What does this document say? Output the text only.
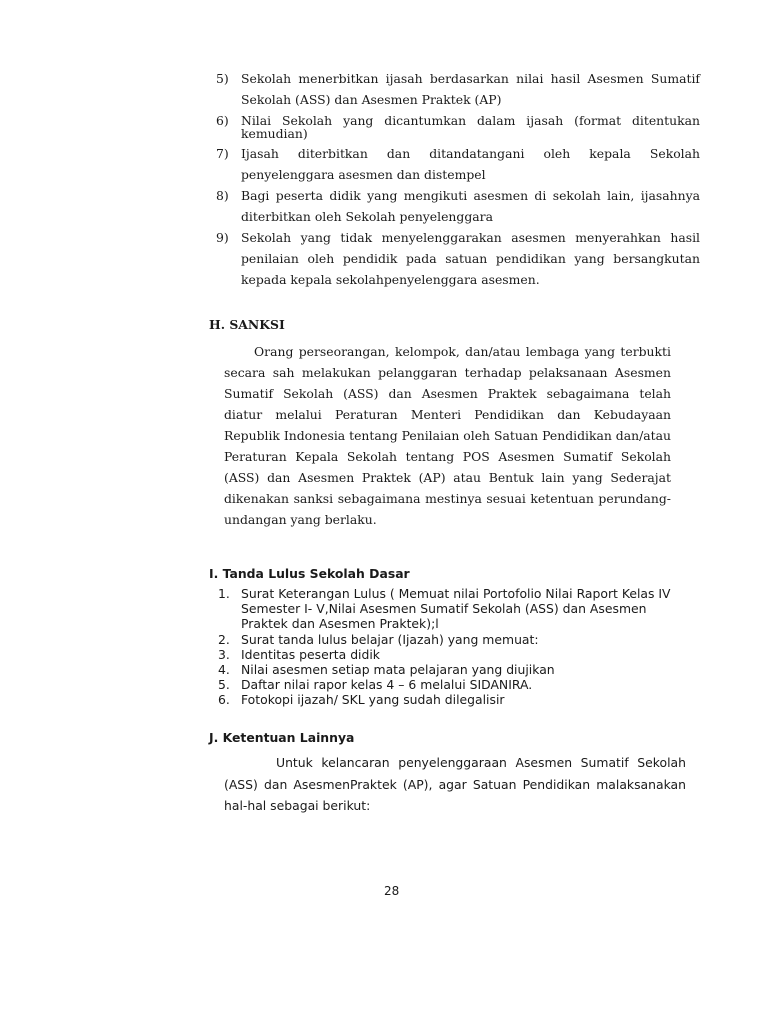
5) Sekolah menerbitkan ijasah berdasarkan nilai hasil Asesmen Sumatif Sekolah (ASS) dan Asesmen Praktek (AP)
6) Nilai Sekolah yang dicantumkan dalam ijasah (format ditentukan kemudian)
7) Ijasah diterbitkan dan ditandatangani oleh kepala Sekolah penyelenggara asesmen dan distempel
8) Bagi peserta didik yang mengikuti asesmen di sekolah lain, ijasahnya diterbitkan oleh Sekolah penyelenggara
9) Sekolah yang tidak menyelenggarakan asesmen menyerahkan hasil penilaian oleh pendidik pada satuan pendidikan yang bersangkutan kepada kepala sekolahpenyelenggara asesmen.
H. SANKSI
Orang perseorangan, kelompok, dan/atau lembaga yang terbukti secara sah melakukan pelanggaran terhadap pelaksanaan Asesmen Sumatif Sekolah (ASS) dan Asesmen Praktek sebagaimana telah diatur melalui Peraturan Menteri Pendidikan dan Kebudayaan Republik Indonesia tentang Penilaian oleh Satuan Pendidikan dan/atau Peraturan Kepala Sekolah tentang POS Asesmen Sumatif Sekolah (ASS) dan Asesmen Praktek (AP) atau Bentuk lain yang Sederajat dikenakan sanksi sebagaimana mestinya sesuai ketentuan perundang-undangan yang berlaku.
I. Tanda Lulus Sekolah Dasar
1. Surat Keterangan Lulus ( Memuat nilai Portofolio Nilai Raport Kelas IV Semester I- V,Nilai Asesmen Sumatif Sekolah (ASS) dan Asesmen Praktek dan Asesmen Praktek);l
2. Surat tanda lulus belajar (Ijazah) yang memuat:
3. Identitas peserta didik
4. Nilai asesmen setiap mata pelajaran yang diujikan
5. Daftar nilai rapor kelas 4 – 6 melalui SIDANIRA.
6. Fotokopi ijazah/ SKL yang sudah dilegalisir
J. Ketentuan Lainnya
Untuk kelancaran penyelenggaraan Asesmen Sumatif Sekolah (ASS) dan AsesmenPraktek (AP), agar Satuan Pendidikan malaksanakan hal-hal sebagai berikut:
28
